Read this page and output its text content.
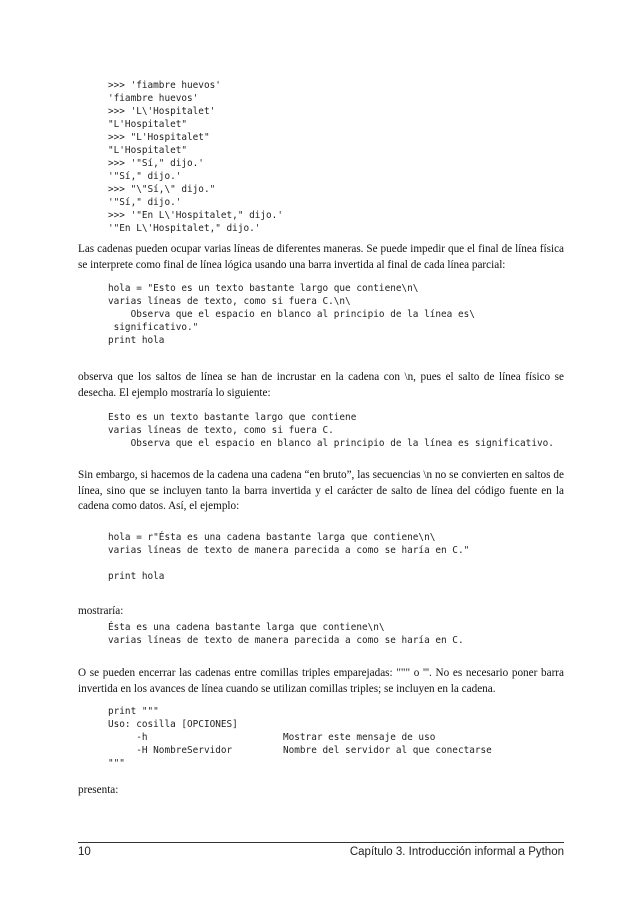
>>> 'fiambre huevos'
'fiambre huevos'
>>> 'L\'Hospitalet'
"L'Hospitalet"
>>> "L'Hospitalet"
"L'Hospitalet"
>>> '"Sí," dijo.'
'"Sí," dijo.'
>>> "\"Sí,\" dijo."
'"Sí," dijo.'
>>> '"En L\'Hospitalet," dijo.'
'"En L\'Hospitalet," dijo.'

Las cadenas pueden ocupar varias líneas de diferentes maneras. Se puede impedir que el final de línea física se interprete como final de línea lógica usando una barra invertida al final de cada línea parcial:

hola = "Esto es un texto bastante largo que contiene\n\
varias líneas de texto, como si fuera C.\n\
Observa que el espacio en blanco al principio de la línea es\
significativo."
print hola

observa que los saltos de línea se han de incrustar en la cadena con \n, pues el salto de línea físico se desecha. El ejemplo mostraría lo siguiente:

Esto es un texto bastante largo que contiene
varias líneas de texto, como si fuera C.
Observa que el espacio en blanco al principio de la línea es significativo.

Sin embargo, si hacemos de la cadena una cadena “en bruto”, las secuencias \n no se convierten en saltos de línea, sino que se incluyen tanto la barra invertida y el carácter de salto de línea del código fuente en la cadena como datos. Así, el ejemplo:

hola = r"Ésta es una cadena bastante larga que contiene\n\
varias líneas de texto de manera parecida a como se haría en C."
print hola

mostraría:

Ésta es una cadena bastante larga que contiene\n\
varias líneas de texto de manera parecida a como se haría en C.

O se pueden encerrar las cadenas entre comillas triples emparejadas: """ o '''. No es necesario poner barra invertida en los avances de línea cuando se utilizan comillas triples; se incluyen en la cadena.

print """
Uso: cosilla [OPCIONES]
-h                        Mostrar este mensaje de uso
-H NombreServidor         Nombre del servidor al que conectarse
"""

presenta:

10	Capítulo 3. Introducción informal a Python
